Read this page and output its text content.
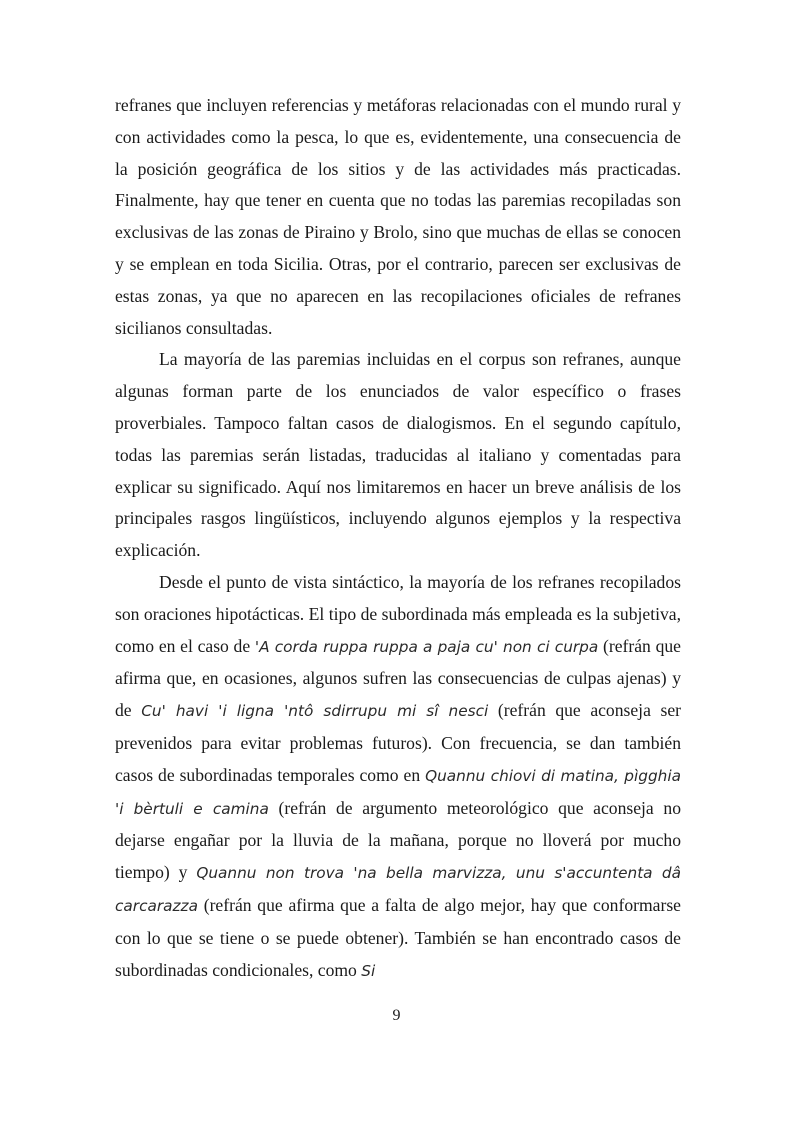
refranes que incluyen referencias y metáforas relacionadas con el mundo rural y con actividades como la pesca, lo que es, evidentemente, una consecuencia de la posición geográfica de los sitios y de las actividades más practicadas. Finalmente, hay que tener en cuenta que no todas las paremias recopiladas son exclusivas de las zonas de Piraino y Brolo, sino que muchas de ellas se conocen y se emplean en toda Sicilia. Otras, por el contrario, parecen ser exclusivas de estas zonas, ya que no aparecen en las recopilaciones oficiales de refranes sicilianos consultadas.

La mayoría de las paremias incluidas en el corpus son refranes, aunque algunas forman parte de los enunciados de valor específico o frases proverbiales. Tampoco faltan casos de dialogismos. En el segundo capítulo, todas las paremias serán listadas, traducidas al italiano y comentadas para explicar su significado. Aquí nos limitaremos en hacer un breve análisis de los principales rasgos lingüísticos, incluyendo algunos ejemplos y la respectiva explicación.

Desde el punto de vista sintáctico, la mayoría de los refranes recopilados son oraciones hipotácticas. El tipo de subordinada más empleada es la subjetiva, como en el caso de 'A corda ruppa ruppa a paja cu' non ci curpa (refrán que afirma que, en ocasiones, algunos sufren las consecuencias de culpas ajenas) y de Cu' havi 'i ligna 'ntô sdirrupu mi sî nesci (refrán que aconseja ser prevenidos para evitar problemas futuros). Con frecuencia, se dan también casos de subordinadas temporales como en Quannu chiovi di matina, pìgghia 'i bèrtuli e camina (refrán de argumento meteorológico que aconseja no dejarse engañar por la lluvia de la mañana, porque no lloverá por mucho tiempo) y Quannu non trova 'na bella marvizza, unu s'accuntenta dâ carcarazza (refrán que afirma que a falta de algo mejor, hay que conformarse con lo que se tiene o se puede obtener). También se han encontrado casos de subordinadas condicionales, como Si

9
